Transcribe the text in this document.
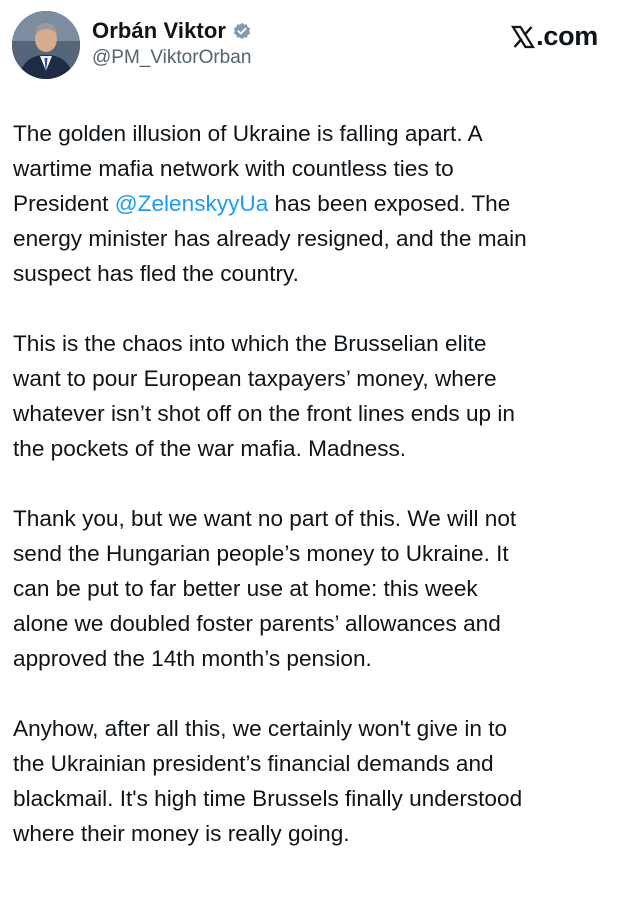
Orbán Viktor
@PM_ViktorOrban
.com

The golden illusion of Ukraine is falling apart. A
wartime mafia network with countless ties to
President @ZelenskyyUa has been exposed. The
energy minister has already resigned, and the main
suspect has fled the country.

This is the chaos into which the Brusselian elite
want to pour European taxpayers’ money, where
whatever isn’t shot off on the front lines ends up in
the pockets of the war mafia. Madness.

Thank you, but we want no part of this. We will not
send the Hungarian people’s money to Ukraine. It
can be put to far better use at home: this week
alone we doubled foster parents’ allowances and
approved the 14th month’s pension.

Anyhow, after all this, we certainly won't give in to
the Ukrainian president’s financial demands and
blackmail. It's high time Brussels finally understood
where their money is really going.
